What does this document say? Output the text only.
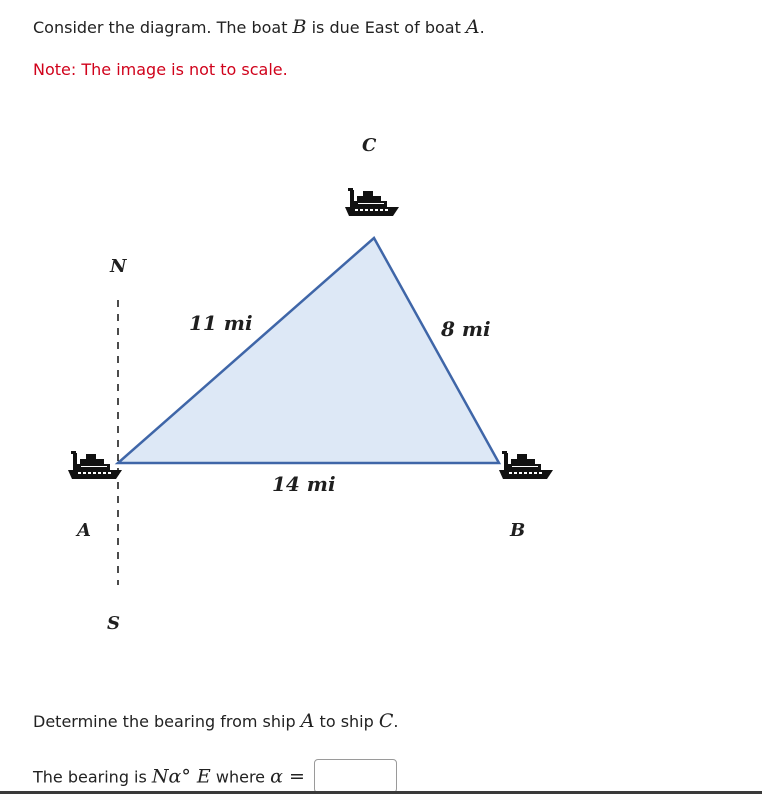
Consider the diagram. The boat B is due East of boat A.
Note: The image is not to scale.
N
S
A	B
C
11 mi	8 mi
14 mi
Determine the bearing from ship A to ship C.
The bearing is Nα° E where α =
